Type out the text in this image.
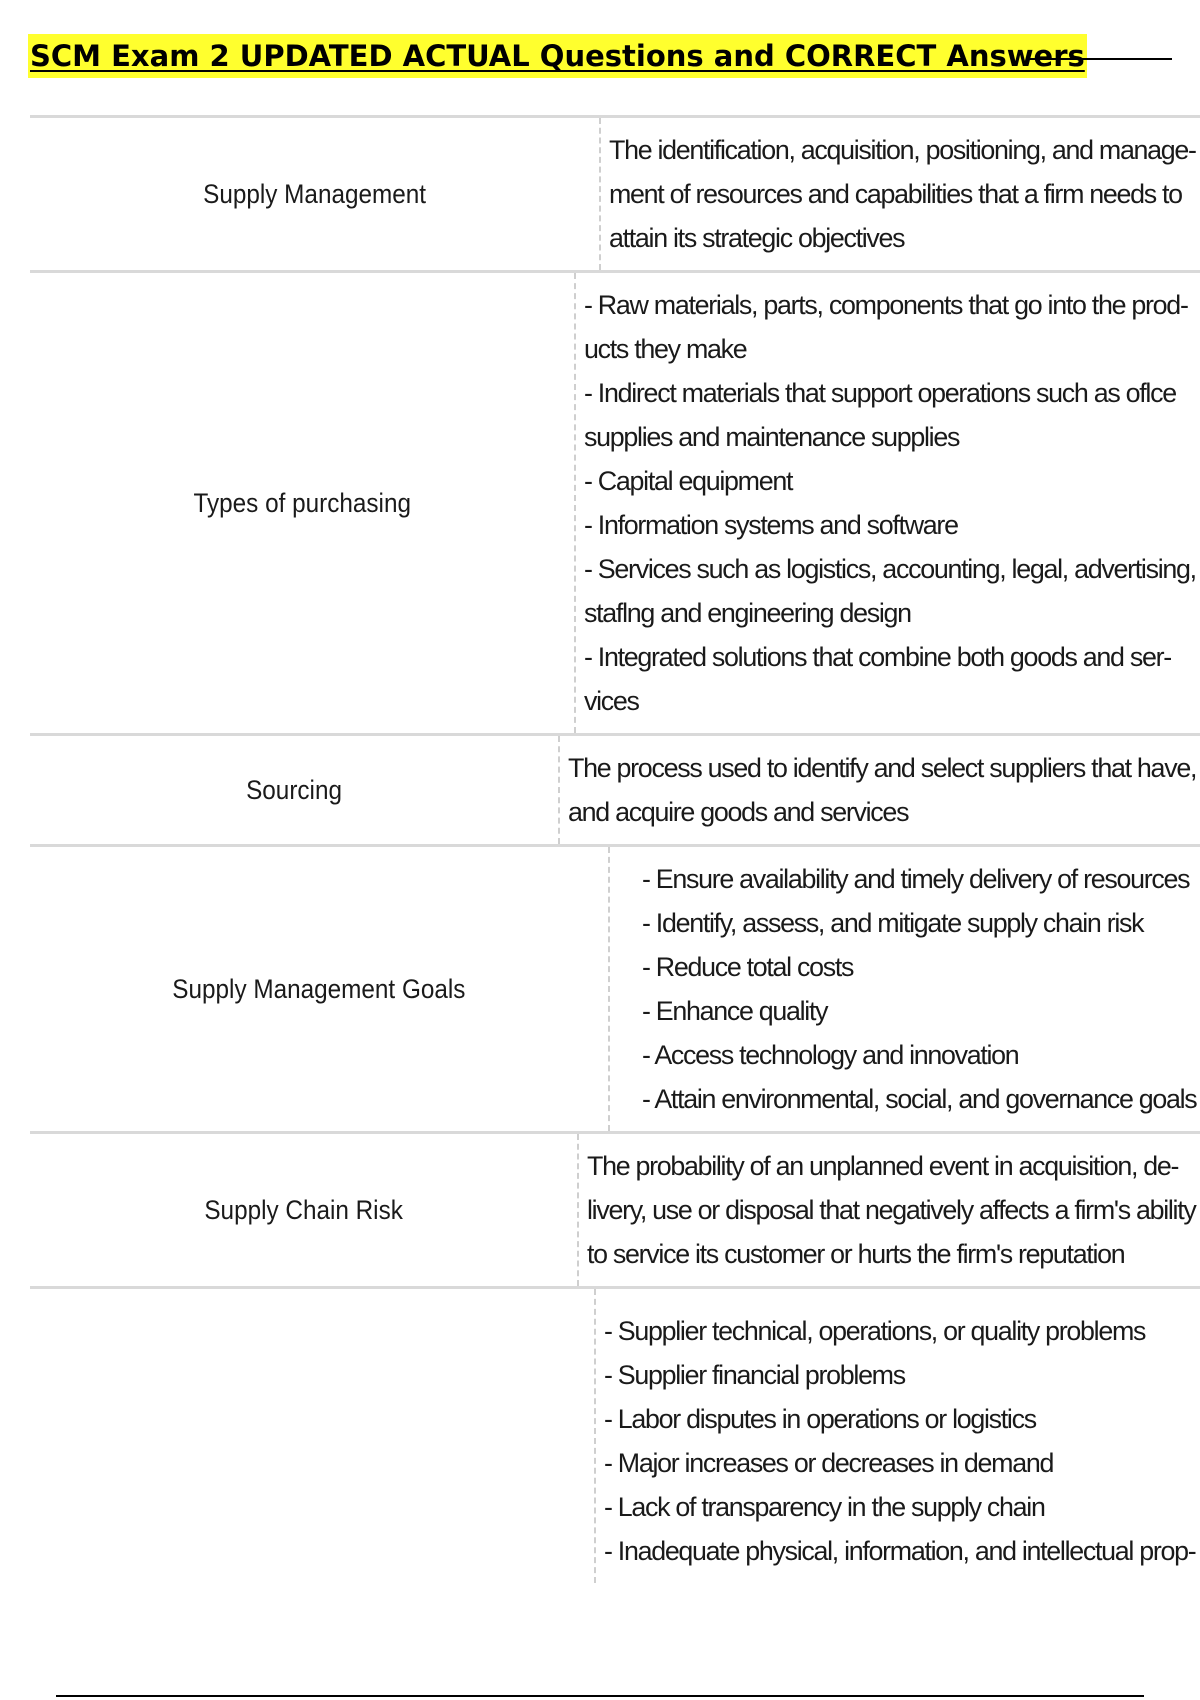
SCM Exam 2 UPDATED ACTUAL Questions and CORRECT Answers
Supply Management
The identification, acquisition, positioning, and manage-
ment of resources and capabilities that a firm needs to
attain its strategic objectives
Types of purchasing
- Raw materials, parts, components that go into the prod-
ucts they make
- Indirect materials that support operations such as oflce
supplies and maintenance supplies
- Capital equipment
- Information systems and software
- Services such as logistics, accounting, legal, advertising,
staflng and engineering design
- Integrated solutions that combine both goods and ser-
vices
Sourcing
The process used to identify and select suppliers that have,
and acquire goods and services
Supply Management Goals
- Ensure availability and timely delivery of resources
- Identify, assess, and mitigate supply chain risk
- Reduce total costs
- Enhance quality
- Access technology and innovation
- Attain environmental, social, and governance goals
Supply Chain Risk
The probability of an unplanned event in acquisition, de-
livery, use or disposal that negatively affects a firm's ability
to service its customer or hurts the firm's reputation
- Supplier technical, operations, or quality problems
- Supplier financial problems
- Labor disputes in operations or logistics
- Major increases or decreases in demand
- Lack of transparency in the supply chain
- Inadequate physical, information, and intellectual prop-
